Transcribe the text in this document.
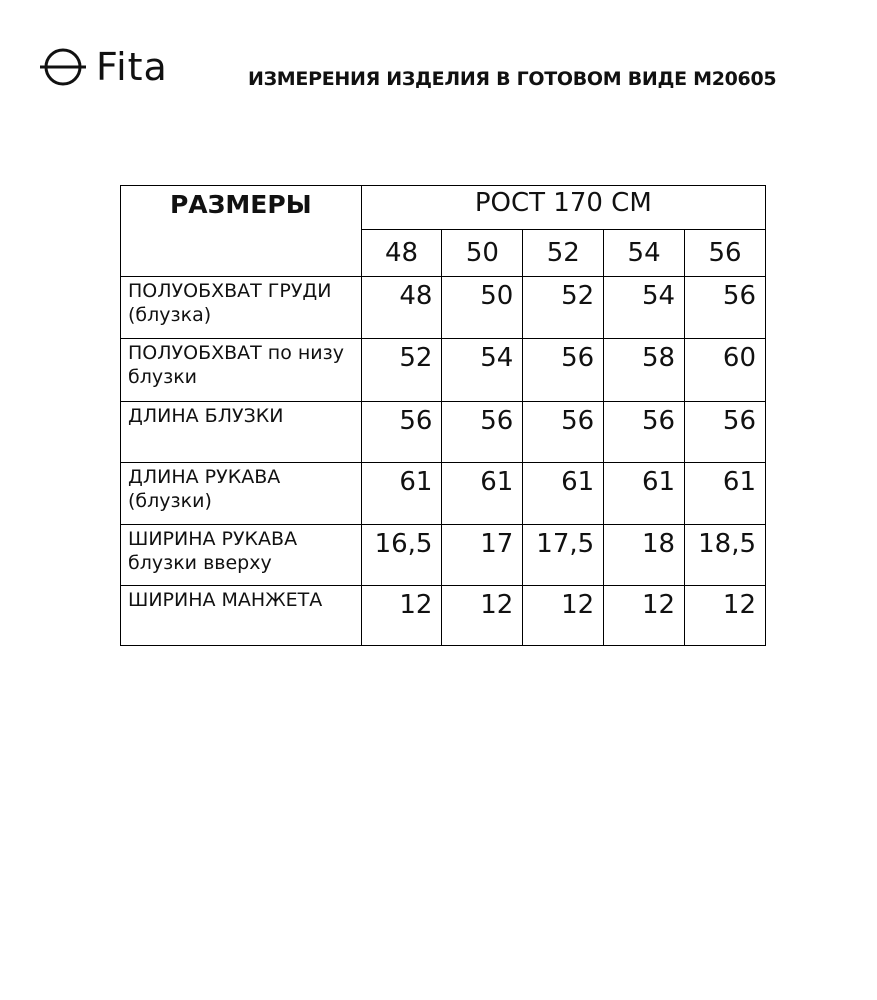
Fita	ИЗМЕРЕНИЯ ИЗДЕЛИЯ В ГОТОВОМ ВИДЕ М20605
РАЗМЕРЫ	РОСТ 170 СМ				
	48	50	52	54	56
ПОЛУОБХВАТ ГРУДИ (блузка)	48	50	52	54	56
ПОЛУОБХВАТ по низу блузки	52	54	56	58	60
ДЛИНА БЛУЗКИ	56	56	56	56	56
ДЛИНА РУКАВА (блузки)	61	61	61	61	61
ШИРИНА РУКАВА блузки вверху	16,5	17	17,5	18	18,5
ШИРИНА МАНЖЕТА	12	12	12	12	12
